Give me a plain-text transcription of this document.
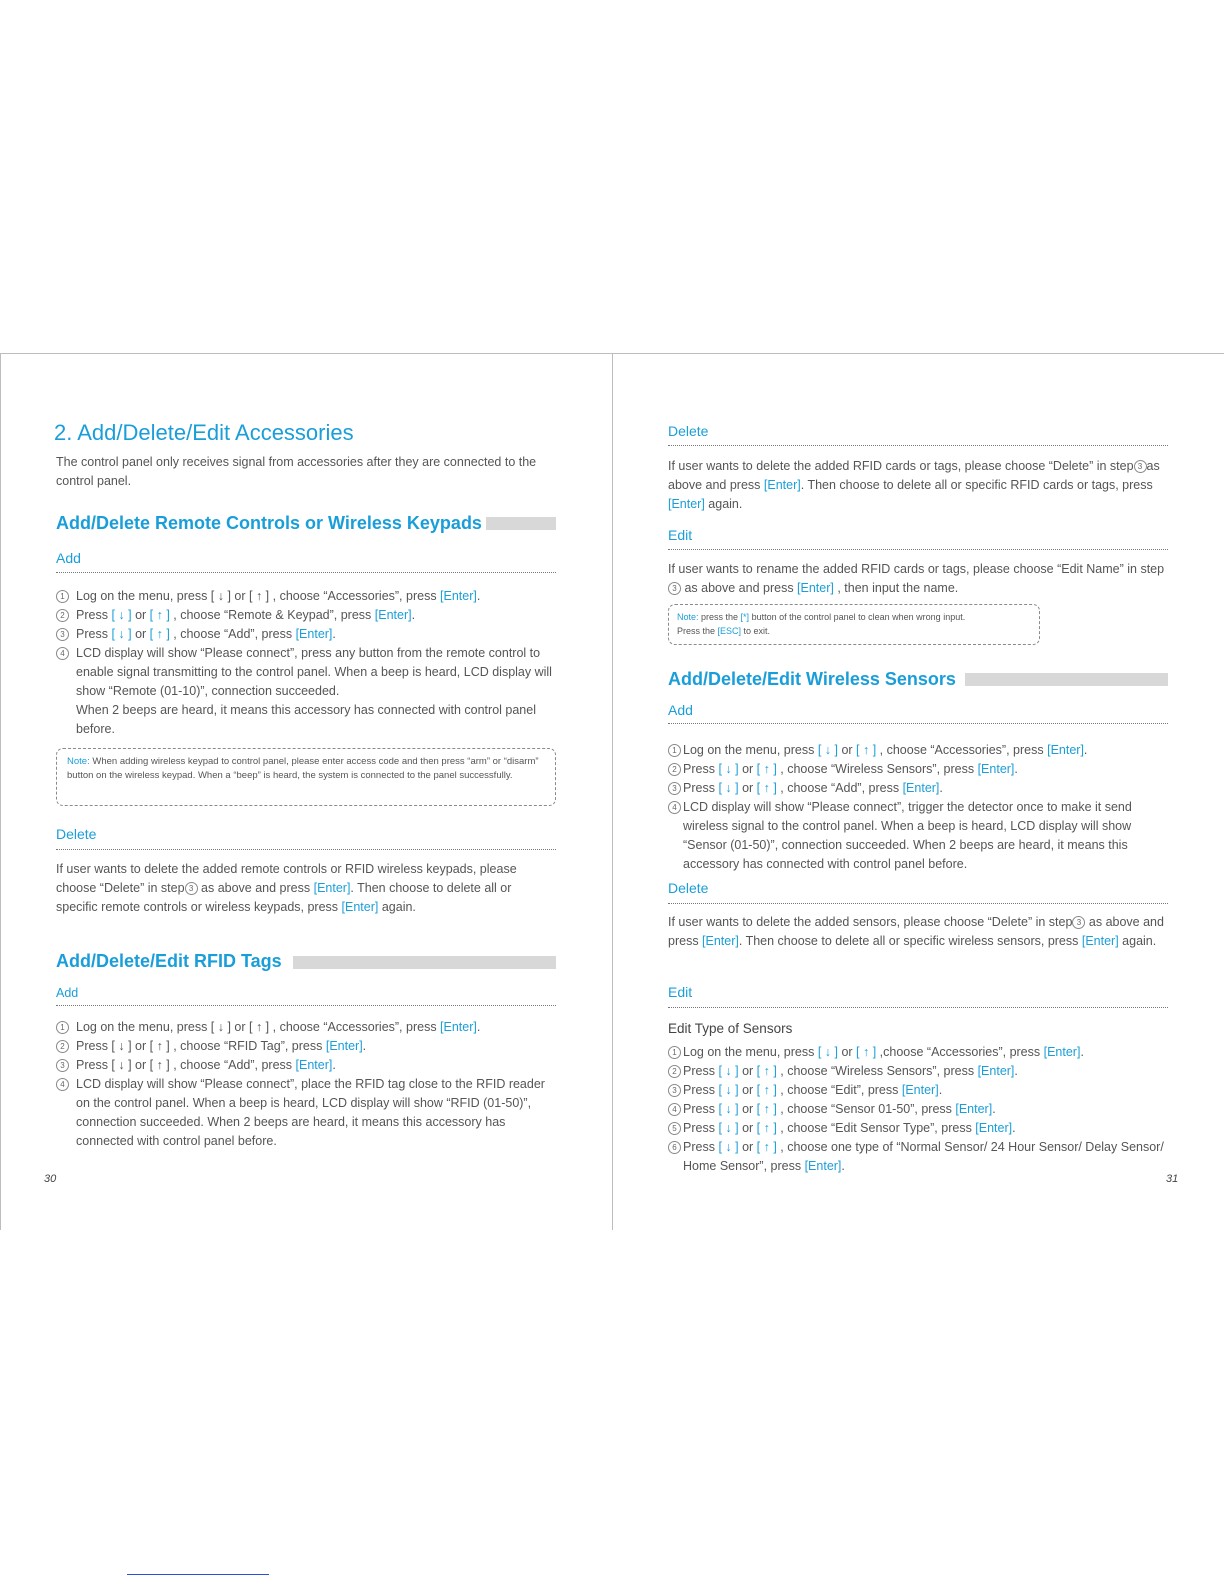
2. Add/Delete/Edit Accessories
The control panel only receives signal from accessories after they are connected to the control panel.
Add/Delete Remote Controls or Wireless Keypads
Add
1 Log on the menu, press [ ↓ ] or [ ↑ ] , choose “Accessories”, press [Enter].
2 Press [ ↓ ] or [ ↑ ] , choose “Remote & Keypad”, press [Enter].
3 Press [ ↓ ] or [ ↑ ] , choose “Add”, press [Enter].
4 LCD display will show “Please connect”, press any button from the remote control to enable signal transmitting to the control panel. When a beep is heard, LCD display will show “Remote (01-10)”, connection succeeded.
When 2 beeps are heard, it means this accessory has connected with control panel before.
Note: When adding wireless keypad to control panel, please enter access code and then press “arm” or “disarm” button on the wireless keypad. When a “beep” is heard, the system is connected to the panel successfully.
Delete
If user wants to delete the added remote controls or RFID wireless keypads, please choose “Delete” in step 3 as above and press [Enter]. Then choose to delete all or specific remote controls or wireless keypads, press [Enter] again.
Add/Delete/Edit RFID Tags
Add
1 Log on the menu, press [ ↓ ] or [ ↑ ] , choose “Accessories”, press [Enter].
2 Press [ ↓ ] or [ ↑ ] , choose “RFID Tag”, press [Enter].
3 Press [ ↓ ] or [ ↑ ] , choose “Add”, press [Enter].
4 LCD display will show “Please connect”, place the RFID tag close to the RFID reader on the control panel. When a beep is heard, LCD display will show “RFID (01-50)”, connection succeeded. When 2 beeps are heard, it means this accessory has connected with control panel before.
30
Delete
If user wants to delete the added RFID cards or tags, please choose “Delete” in step 3 as above and press [Enter]. Then choose to delete all or specific RFID cards or tags, press [Enter] again.
Edit
If user wants to rename the added RFID cards or tags, please choose “Edit Name” in step3 as above and press [Enter] , then input the name.
Note: press the [*] button of the control panel to clean when wrong input.
Press the [ESC] to exit.
Add/Delete/Edit Wireless Sensors
Add
1 Log on the menu, press [ ↓ ] or [ ↑ ] , choose “Accessories”, press [Enter].
2 Press [ ↓ ] or [ ↑ ] , choose “Wireless Sensors”, press [Enter].
3 Press [ ↓ ] or [ ↑ ] , choose “Add”, press [Enter].
4 LCD display will show “Please connect”, trigger the detector once to make it send wireless signal to the control panel. When a beep is heard, LCD display will show “Sensor (01-50)”, connection succeeded. When 2 beeps are heard, it means this accessory has connected with control panel before.
Delete
If user wants to delete the added sensors, please choose “Delete” in step 3 as above and press [Enter]. Then choose to delete all or specific wireless sensors, press [Enter] again.
Edit
Edit Type of Sensors
1 Log on the menu, press [ ↓ ] or [ ↑ ] ,choose “Accessories”, press [Enter].
2 Press [ ↓ ] or [ ↑ ] , choose “Wireless Sensors”, press [Enter].
3 Press [ ↓ ] or [ ↑ ] , choose “Edit”, press [Enter].
4 Press [ ↓ ] or [ ↑ ] , choose “Sensor 01-50”, press [Enter].
5 Press [ ↓ ] or [ ↑ ] , choose “Edit Sensor Type”, press [Enter].
6 Press [ ↓ ] or [ ↑ ] , choose one type of “Normal Sensor/ 24 Hour Sensor/ Delay Sensor/ Home Sensor”, press [Enter].
31
